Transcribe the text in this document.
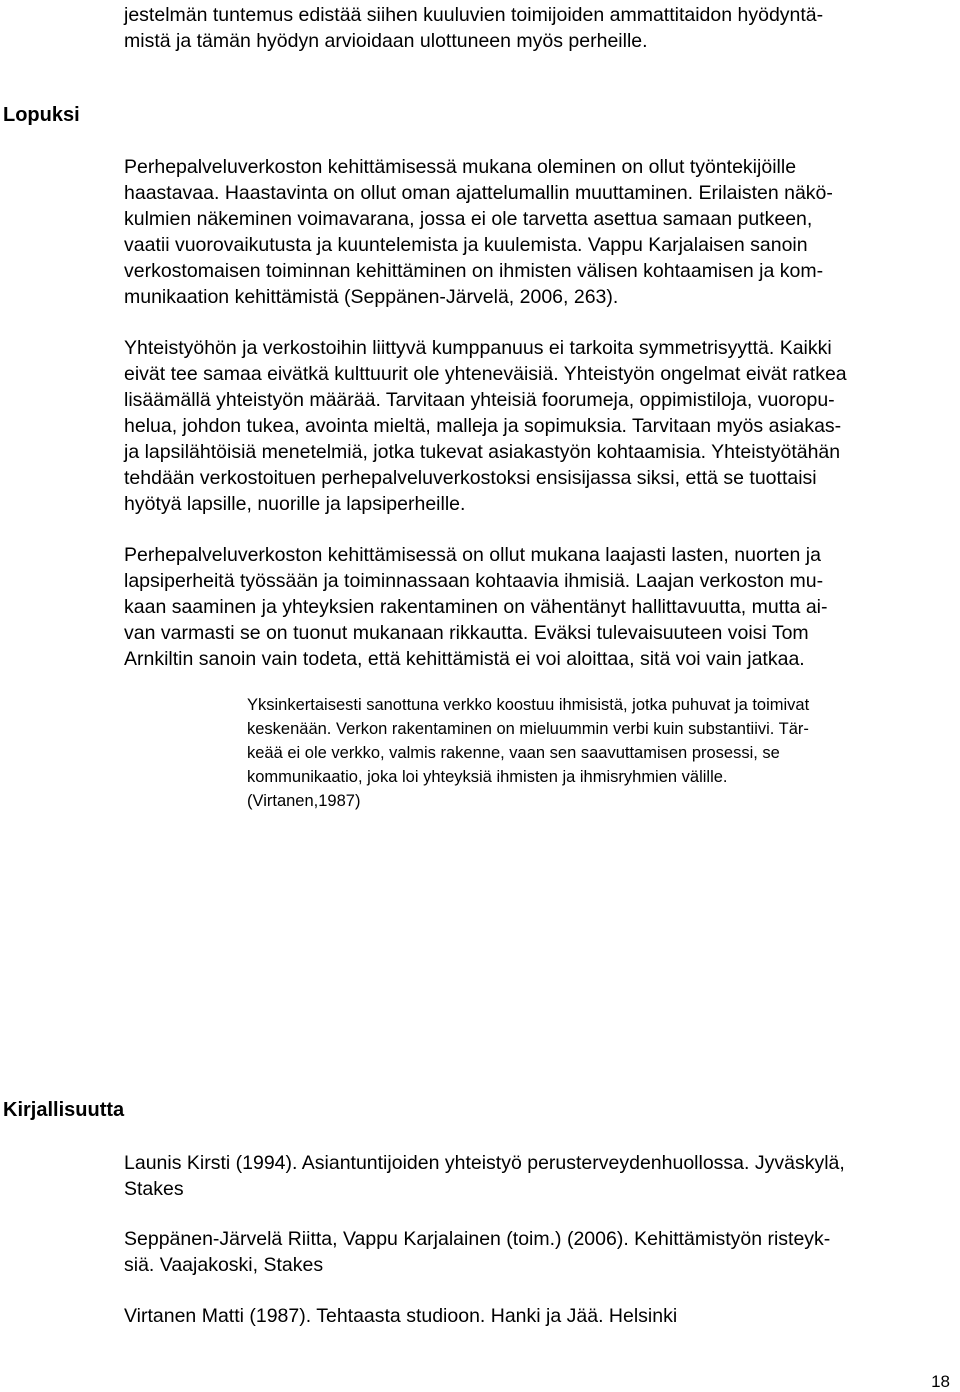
jestelmän tuntemus edistää siihen kuuluvien toimijoiden ammattitaidon hyödyntä-
mistä ja tämän hyödyn arvioidaan ulottuneen myös perheille.
Lopuksi
Perhepalveluverkoston kehittämisessä mukana oleminen on ollut työntekijöille
haastavaa. Haastavinta on ollut oman ajattelumallin muuttaminen. Erilaisten näkö-
kulmien näkeminen voimavarana, jossa ei ole tarvetta asettua samaan putkeen,
vaatii vuorovaikutusta ja kuuntelemista ja kuulemista. Vappu Karjalaisen sanoin
verkostomaisen toiminnan kehittäminen on ihmisten välisen kohtaamisen ja kom-
munikaation kehittämistä (Seppänen-Järvelä, 2006, 263).
Yhteistyöhön ja verkostoihin liittyvä kumppanuus ei tarkoita symmetrisyyttä. Kaikki
eivät tee samaa eivätkä kulttuurit ole yhteneväisiä. Yhteistyön ongelmat eivät ratkea
lisäämällä yhteistyön määrää. Tarvitaan yhteisiä foorumeja, oppimistiloja, vuoropu-
helua, johdon tukea, avointa mieltä, malleja ja sopimuksia. Tarvitaan myös asiakas-
ja lapsilähtöisiä menetelmiä, jotka tukevat asiakastyön kohtaamisia. Yhteistyötähän
tehdään verkostoituen perhepalveluverkostoksi ensisijassa siksi, että se tuottaisi
hyötyä lapsille, nuorille ja lapsiperheille.
Perhepalveluverkoston kehittämisessä on ollut mukana laajasti lasten, nuorten ja
lapsiperheitä työssään ja toiminnassaan kohtaavia ihmisiä. Laajan verkoston mu-
kaan saaminen ja yhteyksien rakentaminen on vähentänyt hallittavuutta, mutta ai-
van varmasti se on tuonut mukanaan rikkautta. Eväksi tulevaisuuteen voisi Tom
Arnkiltin sanoin vain todeta, että kehittämistä ei voi aloittaa, sitä voi vain jatkaa.
Yksinkertaisesti sanottuna verkko koostuu ihmisistä, jotka puhuvat ja toimivat
keskenään. Verkon rakentaminen on mieluummin verbi kuin substantiivi. Tär-
keää ei ole verkko, valmis rakenne, vaan sen saavuttamisen prosessi, se
kommunikaatio, joka loi yhteyksiä ihmisten ja ihmisryhmien välille.
(Virtanen,1987)
Kirjallisuutta
Launis Kirsti (1994). Asiantuntijoiden yhteistyö perusterveydenhuollossa. Jyväskylä,
Stakes
Seppänen-Järvelä Riitta, Vappu Karjalainen (toim.) (2006). Kehittämistyön risteyk-
siä. Vaajakoski, Stakes
Virtanen Matti (1987). Tehtaasta studioon. Hanki ja Jää. Helsinki
18
